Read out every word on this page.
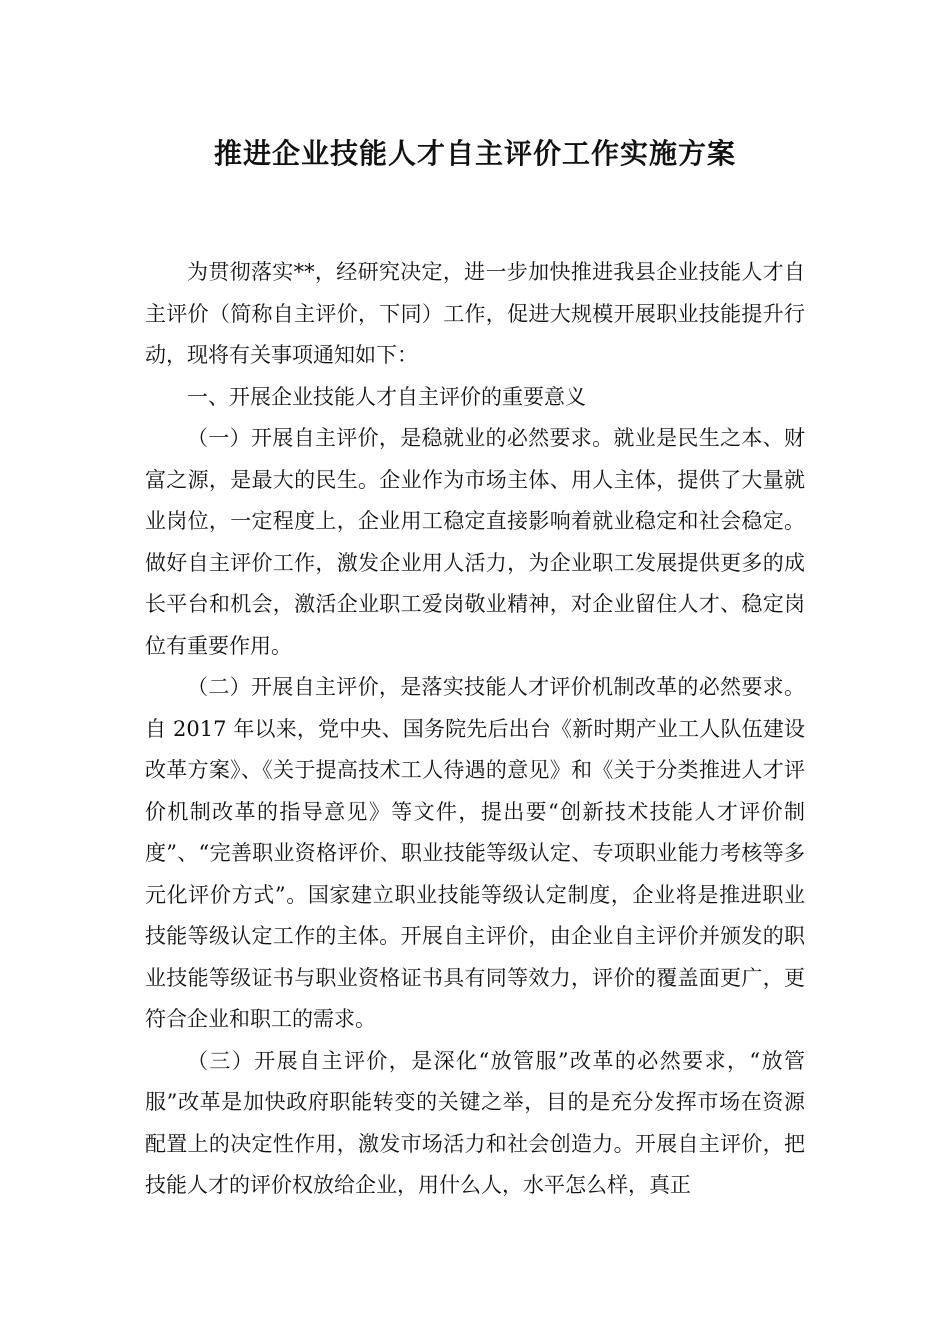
推进企业技能人才自主评价工作实施方案

为贯彻落实**，经研究决定，进一步加快推进我县企业技能人才自主评价（简称自主评价，下同）工作，促进大规模开展职业技能提升行动，现将有关事项通知如下：

一、开展企业技能人才自主评价的重要意义

（一）开展自主评价，是稳就业的必然要求。就业是民生之本、财富之源，是最大的民生。企业作为市场主体、用人主体，提供了大量就业岗位，一定程度上，企业用工稳定直接影响着就业稳定和社会稳定。做好自主评价工作，激发企业用人活力，为企业职工发展提供更多的成长平台和机会，激活企业职工爱岗敬业精神，对企业留住人才、稳定岗位有重要作用。

（二）开展自主评价，是落实技能人才评价机制改革的必然要求。自 2017 年以来，党中央、国务院先后出台《新时期产业工人队伍建设改革方案》、《关于提高技术工人待遇的意见》和《关于分类推进人才评价机制改革的指导意见》等文件，提出要“创新技术技能人才评价制度”、“完善职业资格评价、职业技能等级认定、专项职业能力考核等多元化评价方式”。国家建立职业技能等级认定制度，企业将是推进职业技能等级认定工作的主体。开展自主评价，由企业自主评价并颁发的职业技能等级证书与职业资格证书具有同等效力，评价的覆盖面更广，更符合企业和职工的需求。

（三）开展自主评价，是深化“放管服”改革的必然要求，“放管服”改革是加快政府职能转变的关键之举，目的是充分发挥市场在资源配置上的决定性作用，激发市场活力和社会创造力。开展自主评价，把技能人才的评价权放给企业，用什么人，水平怎么样，真正
